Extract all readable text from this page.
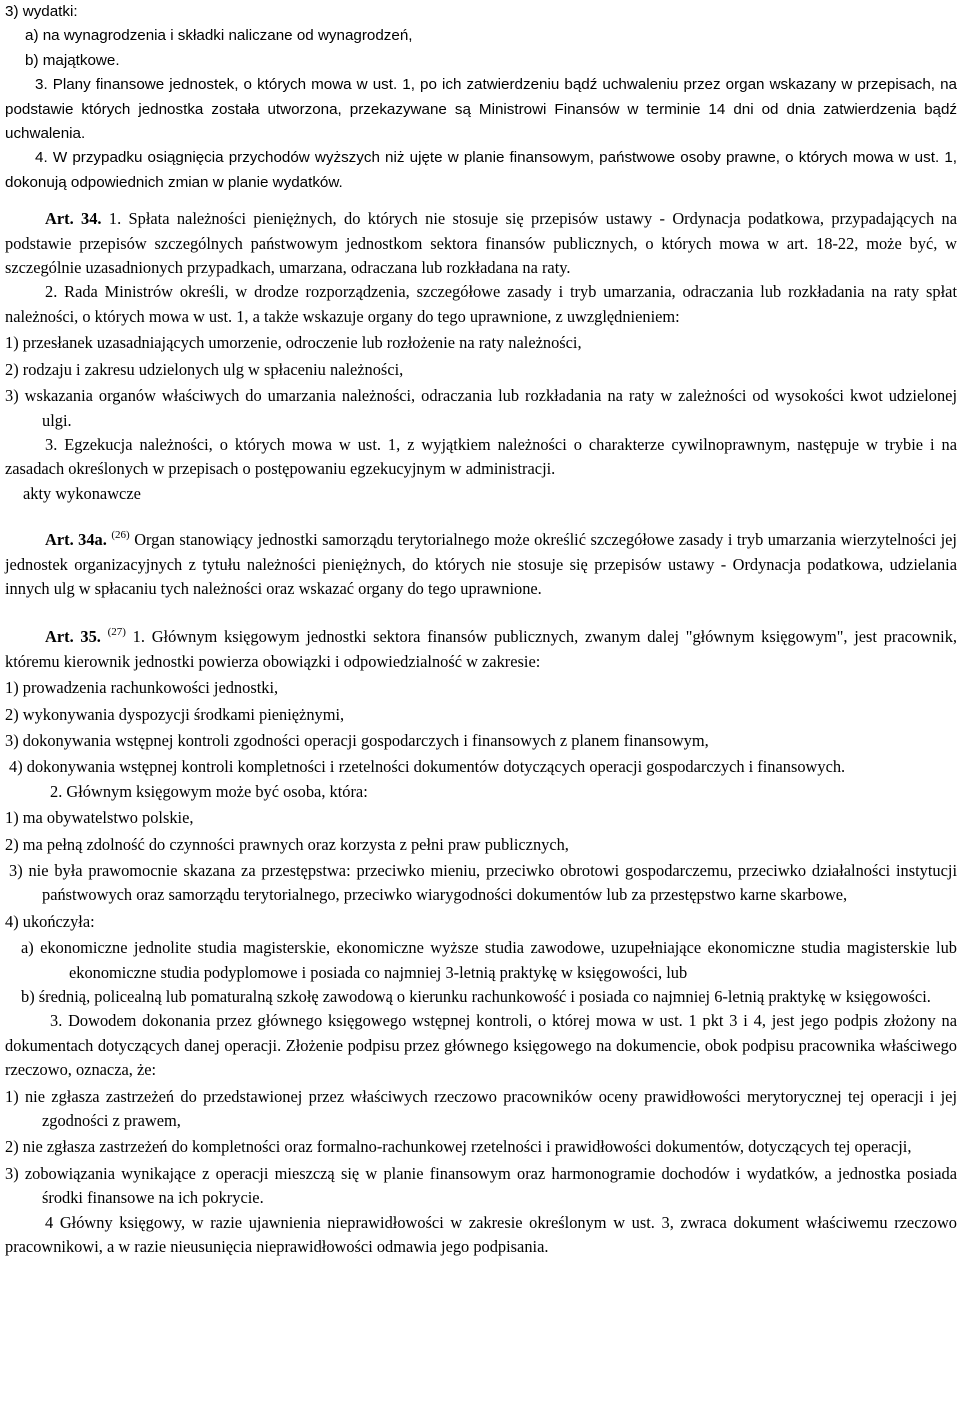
3) wydatki:

a) na wynagrodzenia i składki naliczane od wynagrodzeń,

b) majątkowe.

3. Plany finansowe jednostek, o których mowa w ust. 1, po ich zatwierdzeniu bądź uchwaleniu przez organ wskazany w przepisach, na podstawie których jednostka została utworzona, przekazywane są Ministrowi Finansów w terminie 14 dni od dnia zatwierdzenia bądź uchwalenia.

4. W przypadku osiągnięcia przychodów wyższych niż ujęte w planie finansowym, państwowe osoby prawne, o których mowa w ust. 1, dokonują odpowiednich zmian w planie wydatków.

Art. 34. 1. Spłata należności pieniężnych, do których nie stosuje się przepisów ustawy - Ordynacja podatkowa, przypadających na podstawie przepisów szczególnych państwowym jednostkom sektora finansów publicznych, o których mowa w art. 18-22, może być, w szczególnie uzasadnionych przypadkach, umarzana, odraczana lub rozkładana na raty.

2. Rada Ministrów określi, w drodze rozporządzenia, szczegółowe zasady i tryb umarzania, odraczania lub rozkładania na raty spłat należności, o których mowa w ust. 1, a także wskazuje organy do tego uprawnione, z uwzględnieniem:

1) przesłanek uzasadniających umorzenie, odroczenie lub rozłożenie na raty należności,

2) rodzaju i zakresu udzielonych ulg w spłaceniu należności,

3) wskazania organów właściwych do umarzania należności, odraczania lub rozkładania na raty w zależności od wysokości kwot udzielonej ulgi.

3. Egzekucja należności, o których mowa w ust. 1, z wyjątkiem należności o charakterze cywilnoprawnym, następuje w trybie i na zasadach określonych w przepisach o postępowaniu egzekucyjnym w administracji.

akty wykonawcze

Art. 34a. $^{(26)}$ Organ stanowiący jednostki samorządu terytorialnego może określić szczegółowe zasady i tryb umarzania wierzytelności jej jednostek organizacyjnych z tytułu należności pieniężnych, do których nie stosuje się przepisów ustawy - Ordynacja podatkowa, udzielania innych ulg w spłacaniu tych należności oraz wskazać organy do tego uprawnione.

Art. 35. $^{(27)}$ 1. Głównym księgowym jednostki sektora finansów publicznych, zwanym dalej "głównym księgowym", jest pracownik, któremu kierownik jednostki powierza obowiązki i odpowiedzialność w zakresie:

1) prowadzenia rachunkowości jednostki,

2) wykonywania dyspozycji środkami pieniężnymi,

3) dokonywania wstępnej kontroli zgodności operacji gospodarczych i finansowych z planem finansowym,

4) dokonywania wstępnej kontroli kompletności i rzetelności dokumentów dotyczących operacji gospodarczych i finansowych.

2. Głównym księgowym może być osoba, która:

1) ma obywatelstwo polskie,

2) ma pełną zdolność do czynności prawnych oraz korzysta z pełni praw publicznych,

3) nie była prawomocnie skazana za przestępstwa: przeciwko mieniu, przeciwko obrotowi gospodarczemu, przeciwko działalności instytucji państwowych oraz samorządu terytorialnego, przeciwko wiarygodności dokumentów lub za przestępstwo karne skarbowe,

4) ukończyła:

a) ekonomiczne jednolite studia magisterskie, ekonomiczne wyższe studia zawodowe, uzupełniające ekonomiczne studia magisterskie lub ekonomiczne studia podyplomowe i posiada co najmniej 3-letnią praktykę w księgowości, lub

b) średnią, policealną lub pomaturalną szkołę zawodową o kierunku rachunkowość i posiada co najmniej 6-letnią praktykę w księgowości.

3. Dowodem dokonania przez głównego księgowego wstępnej kontroli, o której mowa w ust. 1 pkt 3 i 4, jest jego podpis złożony na dokumentach dotyczących danej operacji. Złożenie podpisu przez głównego księgowego na dokumencie, obok podpisu pracownika właściwego rzeczowo, oznacza, że:

1) nie zgłasza zastrzeżeń do przedstawionej przez właściwych rzeczowo pracowników oceny prawidłowości merytorycznej tej operacji i jej zgodności z prawem,

2) nie zgłasza zastrzeżeń do kompletności oraz formalno-rachunkowej rzetelności i prawidłowości dokumentów, dotyczących tej operacji,

3) zobowiązania wynikające z operacji mieszczą się w planie finansowym oraz harmonogramie dochodów i wydatków, a jednostka posiada środki finansowe na ich pokrycie.

4 Główny księgowy, w razie ujawnienia nieprawidłowości w zakresie określonym w ust. 3, zwraca dokument właściwemu rzeczowo pracownikowi, a w razie nieusunięcia nieprawidłowości odmawia jego podpisania.
